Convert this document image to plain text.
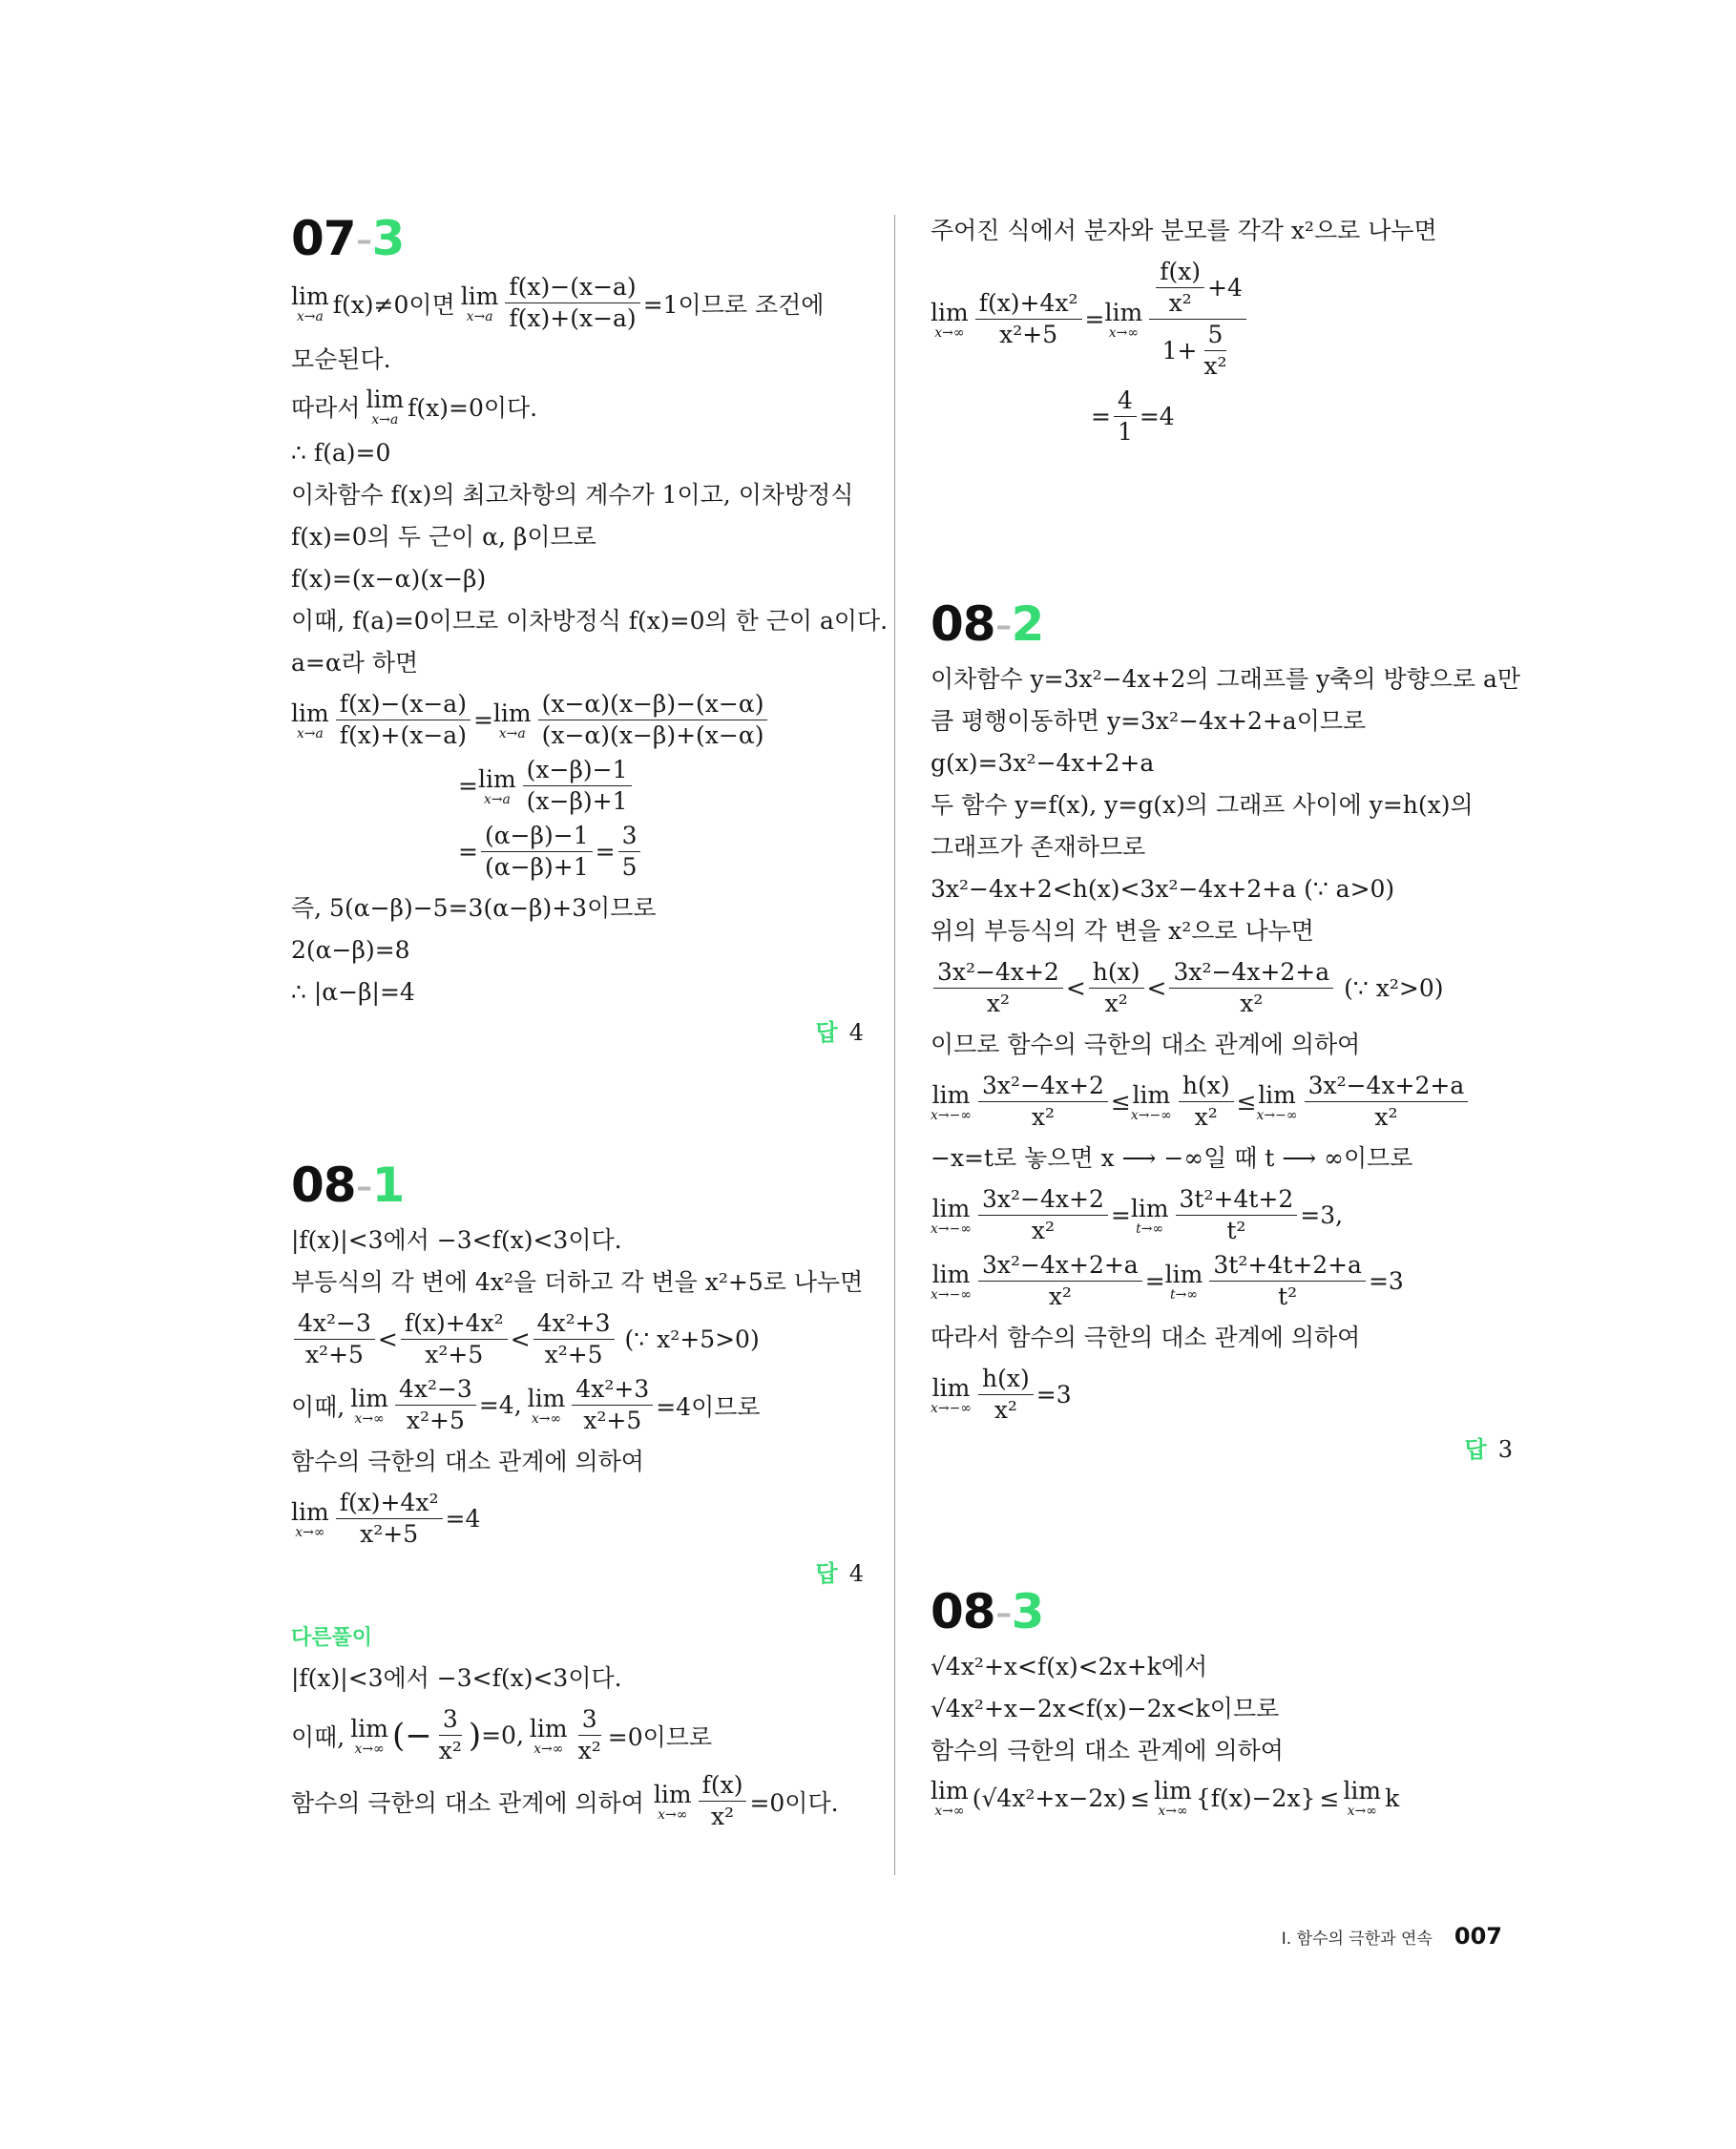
07-3
lim
x→a f(x)≠0이면 lim
$x\to a \frac{f(x)-(x-a)}{f(x)+(x-a)} =1$이므로 조건에
모순된다.
따라서 lim
x→a f(x)=0이다.
∴ f(a)=0
이차함수 f(x)의 최고차항의 계수가 1이고, 이차방정식
f(x)=0의 두 근이 α, β이므로
f(x)=(x−α)(x−β)
이때, f(a)=0이므로 이차방정식 f(x)=0의 한 근이 a이다.
a=α라 하면
lim
$x\to a \frac{f(x)-(x-a)}{f(x)+(x-a)} = \lim$
$x\to a \frac{(x-\alpha)(x-\beta)-(x-\alpha)}{(x-\alpha)(x-\beta)+(x-\alpha)}$
= lim
$x\to a \frac{(x-\beta)-1}{(x-\beta)+1}$
= $\frac{(\alpha-\beta)-1}{(\alpha-\beta)+1} = \frac{3}{5}$
즉, 5(α−β)−5=3(α−β)+3이므로
2(α−β)=8
∴ |α−β|=4
답 4
08-1
|f(x)|<3에서 −3<f(x)<3이다.
부등식의 각 변에 4x²을 더하고 각 변을 x²+5로 나누면
$\frac{\text{4x²−3}}{\text{x²+5}} < \frac{\text{f(x)+4x²}}{\text{x²+5}} < \frac{\text{4x²+3}}{\text{x²+5}}$ (∵ x²+5>0)
이때, lim
$x\to\infty \frac{\text{4x²−3}}{\text{x²+5}} =4$, lim
$x\to\infty \frac{\text{4x²+3}}{\text{x²+5}} =4$이므로
함수의 극한의 대소 관계에 의하여
lim
$x\to\infty \frac{\text{f(x)+4x²}}{\text{x²+5}} =4$
답 4
다른풀이
|f(x)|<3에서 −3<f(x)<3이다.
이때, lim
x→∞ (− $\frac{3}{\text{x²}}$ ) =0, lim
$x\to\infty \frac{3}{\text{x²}} =0$이므로
함수의 극한의 대소 관계에 의하여 lim
$x\to\infty \frac{f(x)}{\text{x²}} =0$이다.
주어진 식에서 분자와 분모를 각각 x²으로 나누면
lim
$x\to\infty \frac{\text{f(x)+4x²}}{\text{x²+5}} = \lim$
$x\to\infty \frac{\frac{f(x)}{\text{x²}} +4}{1+ \frac{5}{\text{x²}}}$
= $\frac{4}{1} =4$
08-2
이차함수 y=3x²−4x+2의 그래프를 y축의 방향으로 a만
큼 평행이동하면 y=3x²−4x+2+a이므로
g(x)=3x²−4x+2+a
두 함수 y=f(x), y=g(x)의 그래프 사이에 y=h(x)의
그래프가 존재하므로
3x²−4x+2<h(x)<3x²−4x+2+a (∵ a>0)
위의 부등식의 각 변을 x²으로 나누면
$\frac{\text{3x²−4x+2}}{\text{x²}} < \frac{h(x)}{\text{x²}} < \frac{\text{3x²−4x+2+a}}{\text{x²}}$ (∵ x²>0)
이므로 함수의 극한의 대소 관계에 의하여
lim
$x\to-\infty \frac{\text{3x²−4x+2}}{\text{x²}} \le \lim$
$x\to-\infty \frac{h(x)}{\text{x²}} \le \lim$
$x\to-\infty \frac{\text{3x²−4x+2+a}}{\text{x²}}$
−x=t로 놓으면 x ⟶ −∞일 때 t ⟶ ∞이므로
lim
$x\to-\infty \frac{\text{3x²−4x+2}}{\text{x²}} = \lim$
$t\to\infty \frac{\text{3t²+4t+2}}{\text{t²}} =3$,
lim
$x\to-\infty \frac{\text{3x²−4x+2+a}}{\text{x²}} = \lim$
$t\to\infty \frac{\text{3t²+4t+2+a}}{\text{t²}} =3$
따라서 함수의 극한의 대소 관계에 의하여
lim
$x\to-\infty \frac{h(x)}{\text{x²}} =3$
답 3
08-3
√4x²+x<f(x)<2x+k에서
√4x²+x−2x<f(x)−2x<k이므로
함수의 극한의 대소 관계에 의하여
lim
x→∞ (√4x²+x−2x) ≤ lim
x→∞ {f(x)−2x} ≤ lim
x→∞ k
I. 함수의 극한과 연속 007
